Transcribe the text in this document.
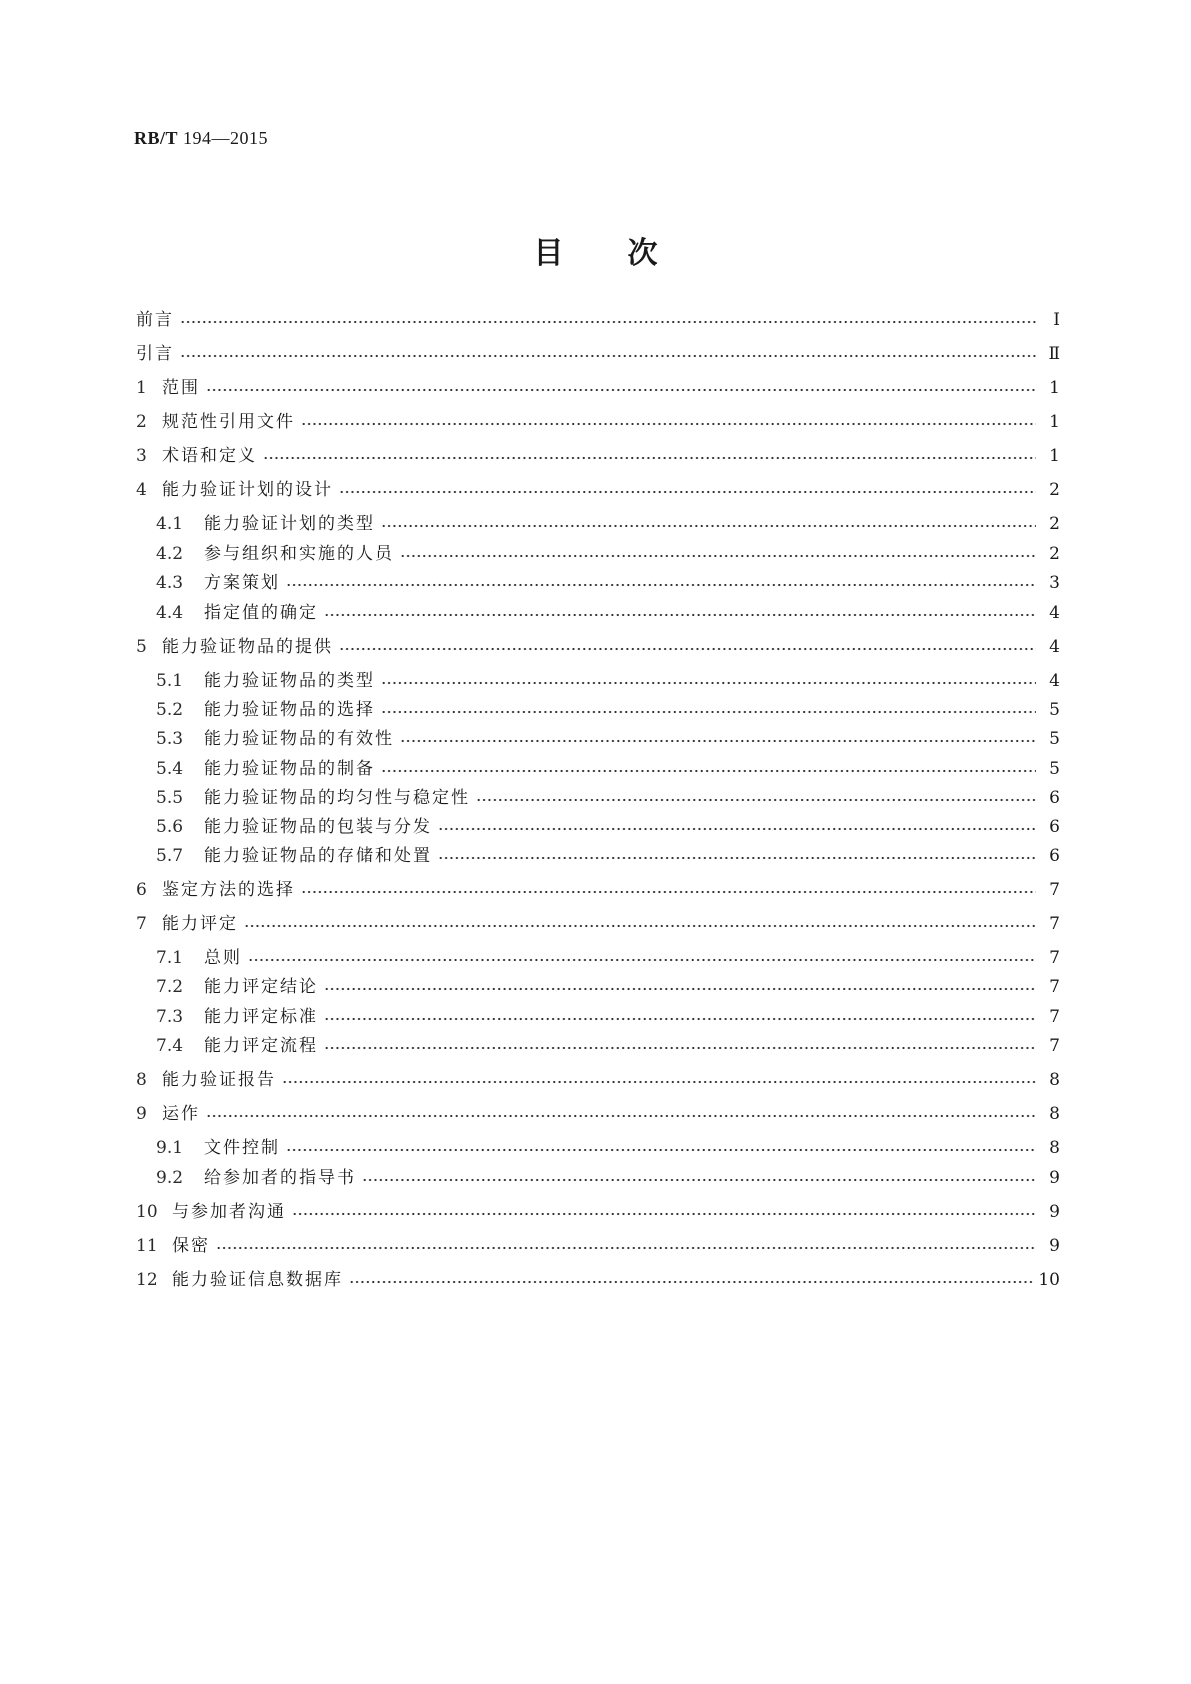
RB/T 194—2015
目次
前言	Ⅰ
引言	Ⅱ
1 范围	1
2 规范性引用文件	1
3 术语和定义	1
4 能力验证计划的设计	2
4.1	能力验证计划的类型	2
4.2	参与组织和实施的人员	2
4.3	方案策划	3
4.4	指定值的确定	4
5 能力验证物品的提供	4
5.1	能力验证物品的类型	4
5.2	能力验证物品的选择	5
5.3	能力验证物品的有效性	5
5.4	能力验证物品的制备	5
5.5	能力验证物品的均匀性与稳定性	6
5.6	能力验证物品的包装与分发	6
5.7	能力验证物品的存储和处置	6
6 鉴定方法的选择	7
7 能力评定	7
7.1	总则	7
7.2	能力评定结论	7
7.3	能力评定标准	7
7.4	能力评定流程	7
8 能力验证报告	8
9 运作	8
9.1	文件控制	8
9.2	给参加者的指导书	9
10 与参加者沟通	9
11 保密	9
12 能力验证信息数据库	10
